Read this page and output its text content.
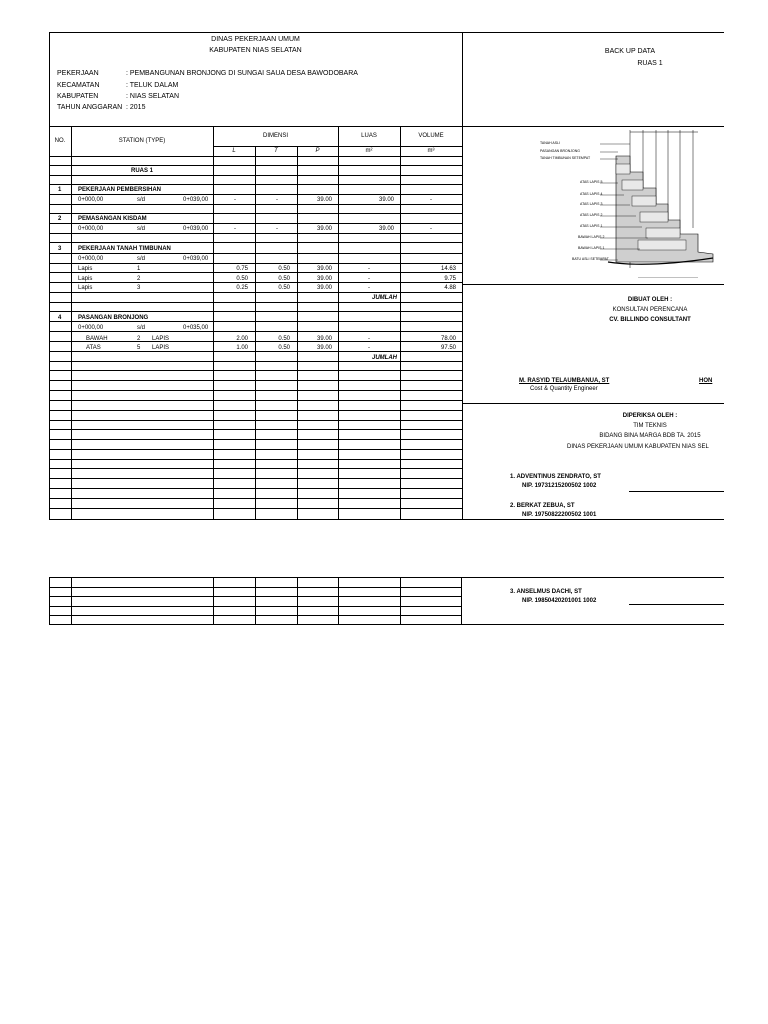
DINAS PEKERJAAN UMUM
KABUPATEN NIAS SELATAN	BACK UP DATA
RUAS 1
PEKERJAAN	: PEMBANGUNAN BRONJONG DI SUNGAI SAUA DESA BAWODOBARA
KECAMATAN	: TELUK DALAM
KABUPATEN	: NIAS SELATAN
TAHUN ANGGARAN : 2015
NO.	STATION (TYPE)
DIMENSI	LUAS	VOLUME
L	T	P	m²	m³
RUAS 1
1	PEKERJAAN PEMBERSIHAN
0+000,00	s/d	0+039,00	-	-	39.00	39.00	-
2	PEMASANGAN KISDAM
0+000,00	s/d	0+039,00	-	-	39.00	39.00	-
3	PEKERJAAN TANAH TIMBUNAN
0+000,00	s/d	0+039,00
Lapis	1	0.75	0.50	39.00	-	14.63
Lapis	2	0.50	0.50	39.00	-	9.75
Lapis	3	0.25	0.50	39.00	-	4.88
JUMLAH
4	PASANGAN BRONJONG
0+000,00	s/d	0+035,00
BAWAH	2 LAPIS	2.00	0.50	39.00	-	78.00
ATAS	5 LAPIS	1.00	0.50	39.00	-	97.50
JUMLAH
TANAH ASLI
PASANGAN BRONJONG
TANAH TIMBUNAN SETEMPAT
ATAS LAPIS 5
ATAS LAPIS 4
ATAS LAPIS 3
ATAS LAPIS 2
ATAS LAPIS 1
BAWAH LAPIS 2
BAWAH LAPIS 1
BATU ASLI SETEMPAT
DIBUAT OLEH :
KONSULTAN PERENCANA
CV. BILLINDO CONSULTANT
M. RASYID TELAUMBANUA, ST
Cost & Quantity Engineer
HON
DIPERIKSA OLEH :
TIM TEKNIS
BIDANG BINA MARGA BDB TA. 2015
DINAS PEKERJAAN UMUM KABUPATEN NIAS SEL
1. ADVENTINUS ZENDRATO, ST
NIP. 19731215200502 1002
2. BERKAT ZEBUA, ST
NIP. 19750822200502 1001
3. ANSELMUS DACHI, ST
NIP. 19850420201001 1002
